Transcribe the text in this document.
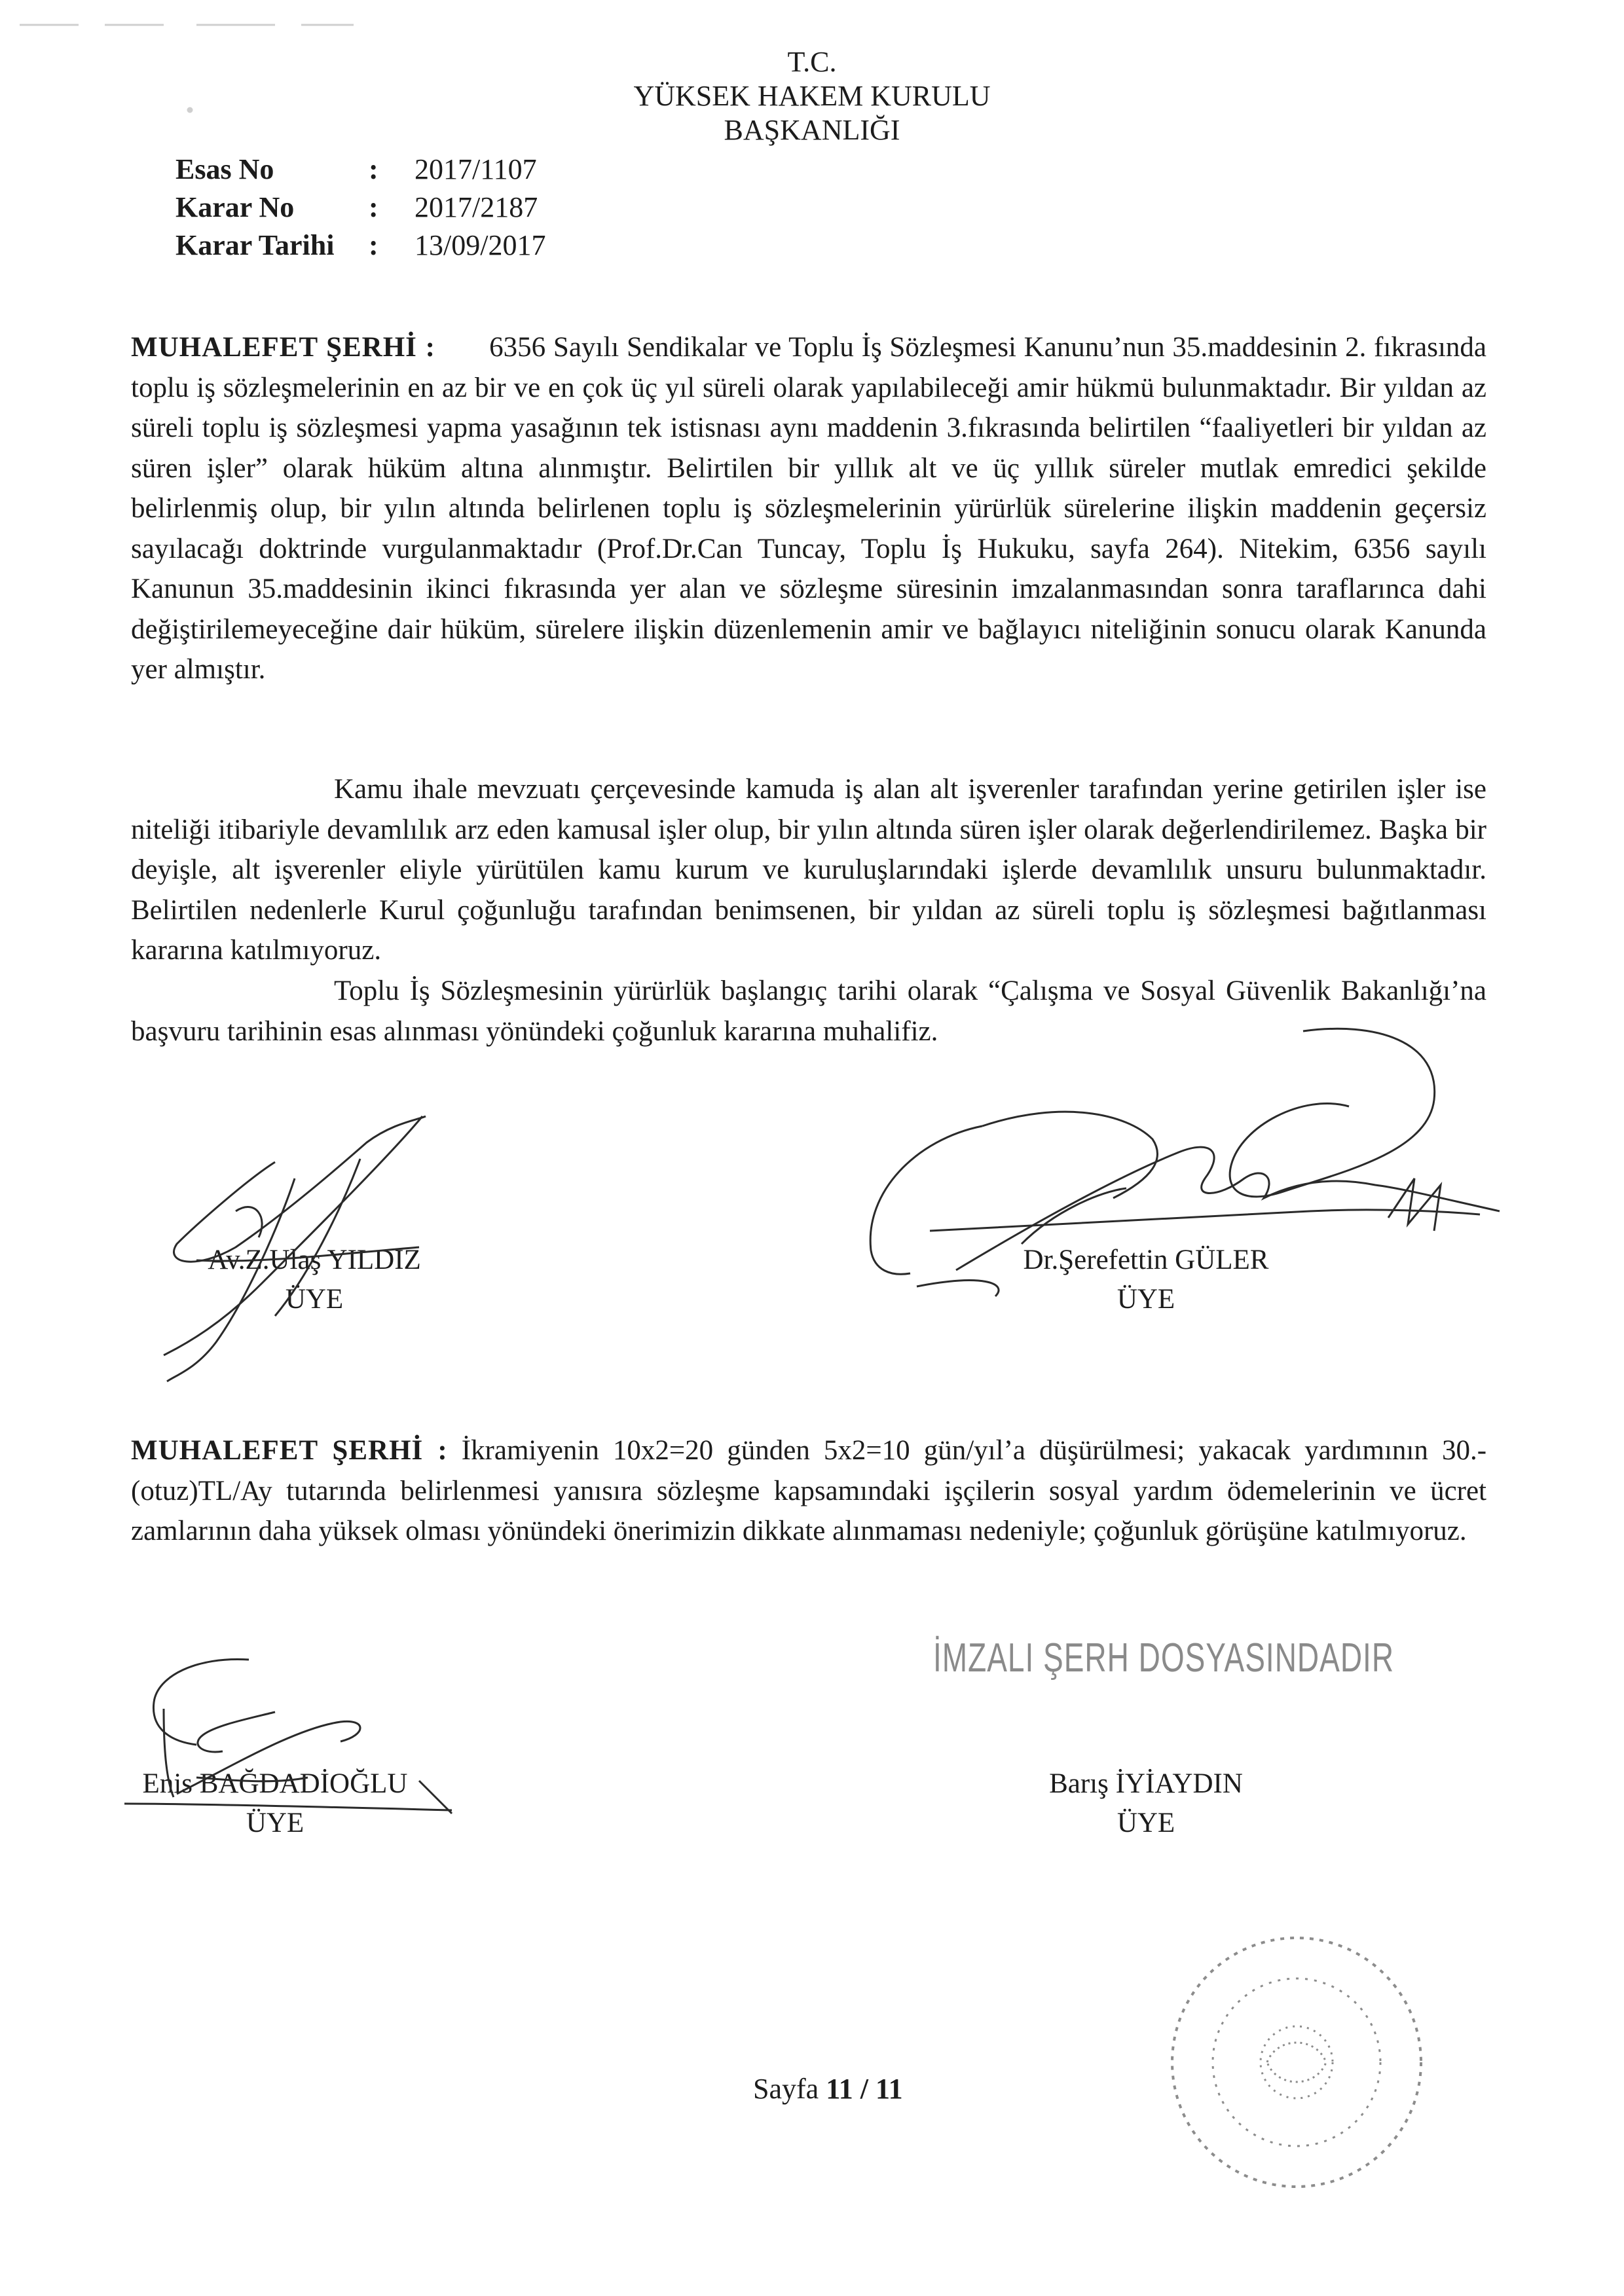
T.C.
YÜKSEK HAKEM KURULU
BAŞKANLIĞI
Esas No	:	2017/1107
Karar No	:	2017/2187
Karar Tarihi	:	13/09/2017

MUHALEFET ŞERHİ : 6356 Sayılı Sendikalar ve Toplu İş Sözleşmesi Kanunu’nun 35.maddesinin 2. fıkrasında toplu iş sözleşmelerinin en az bir ve en çok üç yıl süreli olarak yapılabileceği amir hükmü bulunmaktadır. Bir yıldan az süreli toplu iş sözleşmesi yapma yasağının tek istisnası aynı maddenin 3.fıkrasında belirtilen “faaliyetleri bir yıldan az süren işler” olarak hüküm altına alınmıştır. Belirtilen bir yıllık alt ve üç yıllık süreler mutlak emredici şekilde belirlenmiş olup, bir yılın altında belirlenen toplu iş sözleşmelerinin yürürlük sürelerine ilişkin maddenin geçersiz sayılacağı doktrinde vurgulanmaktadır (Prof.Dr.Can Tuncay, Toplu İş Hukuku, sayfa 264). Nitekim, 6356 sayılı Kanunun 35.maddesinin ikinci fıkrasında yer alan ve sözleşme süresinin imzalanmasından sonra taraflarınca dahi değiştirilemeyeceğine dair hüküm, sürelere ilişkin düzenlemenin amir ve bağlayıcı niteliğinin sonucu olarak Kanunda yer almıştır.

Kamu ihale mevzuatı çerçevesinde kamuda iş alan alt işverenler tarafından yerine getirilen işler ise niteliği itibariyle devamlılık arz eden kamusal işler olup, bir yılın altında süren işler olarak değerlendirilemez. Başka bir deyişle, alt işverenler eliyle yürütülen kamu kurum ve kuruluşlarındaki işlerde devamlılık unsuru bulunmaktadır. Belirtilen nedenlerle Kurul çoğunluğu tarafından benimsenen, bir yıldan az süreli toplu iş sözleşmesi bağıtlanması kararına katılmıyoruz.

Toplu İş Sözleşmesinin yürürlük başlangıç tarihi olarak “Çalışma ve Sosyal Güvenlik Bakanlığı’na başvuru tarihinin esas alınması yönündeki çoğunluk kararına muhalifiz.

Av.Z.Ulaş YILDIZ
ÜYE
Dr.Şerefettin GÜLER
ÜYE

MUHALEFET ŞERHİ : İkramiyenin 10x2=20 günden 5x2=10 gün/yıl’a düşürülmesi; yakacak yardımının 30.-(otuz)TL/Ay tutarında belirlenmesi yanısıra sözleşme kapsamındaki işçilerin sosyal yardım ödemelerinin ve ücret zamlarının daha yüksek olması yönündeki önerimizin dikkate alınmaması nedeniyle; çoğunluk görüşüne katılmıyoruz.

İMZALI ŞERH DOSYASINDADIR
Enis BAĞDADİOĞLU
ÜYE
Barış İYİAYDIN
ÜYE
Sayfa 11 / 11
